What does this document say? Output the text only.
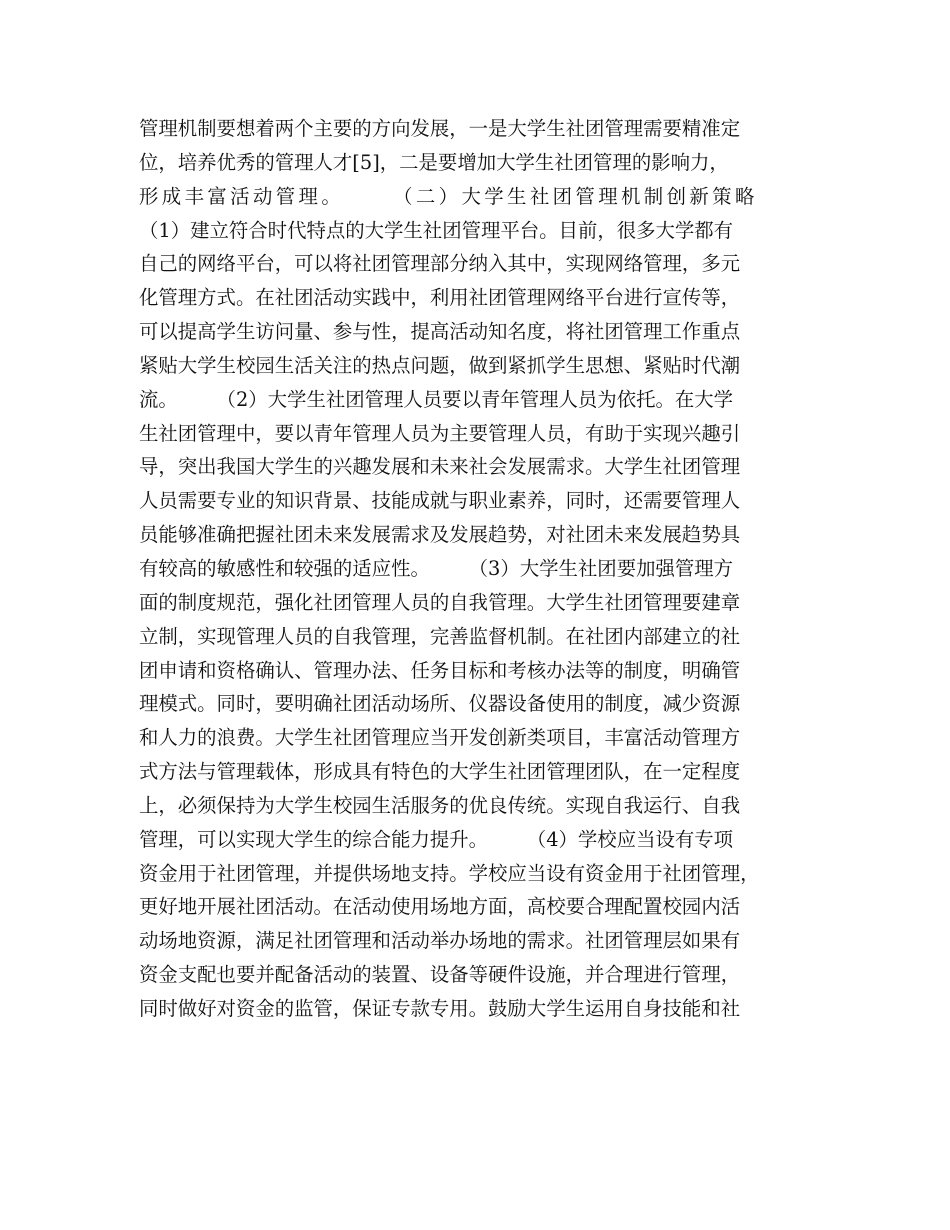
管理机制要想着两个主要的方向发展，一是大学生社团管理需要精准定
位，培养优秀的管理人才[5]，二是要增加大学生社团管理的影响力，
形成丰富活动管理。　　　（二）大学生社团管理机制创新策略
（1）建立符合时代特点的大学生社团管理平台。目前，很多大学都有
自己的网络平台，可以将社团管理部分纳入其中，实现网络管理，多元
化管理方式。在社团活动实践中，利用社团管理网络平台进行宣传等，
可以提高学生访问量、参与性，提高活动知名度，将社团管理工作重点
紧贴大学生校园生活关注的热点问题，做到紧抓学生思想、紧贴时代潮
流。　　　（2）大学生社团管理人员要以青年管理人员为依托。在大学
生社团管理中，要以青年管理人员为主要管理人员，有助于实现兴趣引
导，突出我国大学生的兴趣发展和未来社会发展需求。大学生社团管理
人员需要专业的知识背景、技能成就与职业素养，同时，还需要管理人
员能够准确把握社团未来发展需求及发展趋势，对社团未来发展趋势具
有较高的敏感性和较强的适应性。　　　（3）大学生社团要加强管理方
面的制度规范，强化社团管理人员的自我管理。大学生社团管理要建章
立制，实现管理人员的自我管理，完善监督机制。在社团内部建立的社
团申请和资格确认、管理办法、任务目标和考核办法等的制度，明确管
理模式。同时，要明确社团活动场所、仪器设备使用的制度，减少资源
和人力的浪费。大学生社团管理应当开发创新类项目，丰富活动管理方
式方法与管理载体，形成具有特色的大学生社团管理团队，在一定程度
上，必须保持为大学生校园生活服务的优良传统。实现自我运行、自我
管理，可以实现大学生的综合能力提升。　　　（4）学校应当设有专项
资金用于社团管理，并提供场地支持。学校应当设有资金用于社团管理，
更好地开展社团活动。在活动使用场地方面，高校要合理配置校园内活
动场地资源，满足社团管理和活动举办场地的需求。社团管理层如果有
资金支配也要并配备活动的装置、设备等硬件设施，并合理进行管理，
同时做好对资金的监管，保证专款专用。鼓励大学生运用自身技能和社
